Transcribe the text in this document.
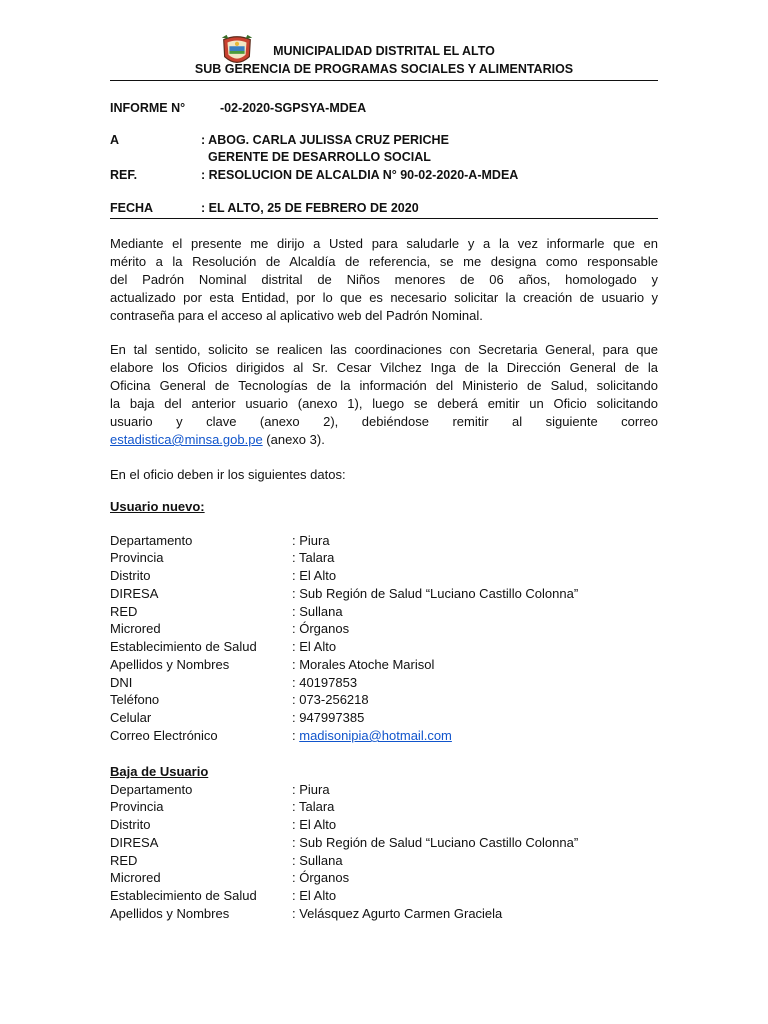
MUNICIPALIDAD DISTRITAL EL ALTO
SUB GERENCIA DE PROGRAMAS SOCIALES Y ALIMENTARIOS
INFORME N°	-02-2020-SGPSYA-MDEA
A	: ABOG. CARLA JULISSA CRUZ PERICHE
GERENTE DE DESARROLLO SOCIAL
REF.	: RESOLUCION DE ALCALDIA N° 90-02-2020-A-MDEA
FECHA	: EL ALTO, 25 DE FEBRERO DE 2020
Mediante el presente me dirijo a Usted para saludarle y a la vez informarle que en
mérito a la Resolución de Alcaldía de referencia, se me designa como responsable
del Padrón Nominal distrital de Niños menores de 06 años, homologado y
actualizado por esta Entidad, por lo que es necesario solicitar la creación de usuario y
contraseña para el acceso al aplicativo web del Padrón Nominal.
En tal sentido, solicito se realicen las coordinaciones con Secretaria General, para que
elabore los Oficios dirigidos al Sr. Cesar Vilchez Inga de la Dirección General de la
Oficina General de Tecnologías de la información del Ministerio de Salud, solicitando
la baja del anterior usuario (anexo 1), luego se deberá emitir un Oficio solicitando
usuario y clave (anexo 2), debiéndose remitir al siguiente correo
estadistica@minsa.gob.pe (anexo 3).
En el oficio deben ir los siguientes datos:
Usuario nuevo:
Departamento	: Piura
Provincia	: Talara
Distrito	: El Alto
DIRESA	: Sub Región de Salud “Luciano Castillo Colonna”
RED	: Sullana
Microred	: Órganos
Establecimiento de Salud	: El Alto
Apellidos y Nombres	: Morales Atoche Marisol
DNI	: 40197853
Teléfono	: 073-256218
Celular	: 947997385
Correo Electrónico	: madisonipia@hotmail.com
Baja de Usuario
Departamento	: Piura
Provincia	: Talara
Distrito	: El Alto
DIRESA	: Sub Región de Salud “Luciano Castillo Colonna”
RED	: Sullana
Microred	: Órganos
Establecimiento de Salud	: El Alto
Apellidos y Nombres	: Velásquez Agurto Carmen Graciela
